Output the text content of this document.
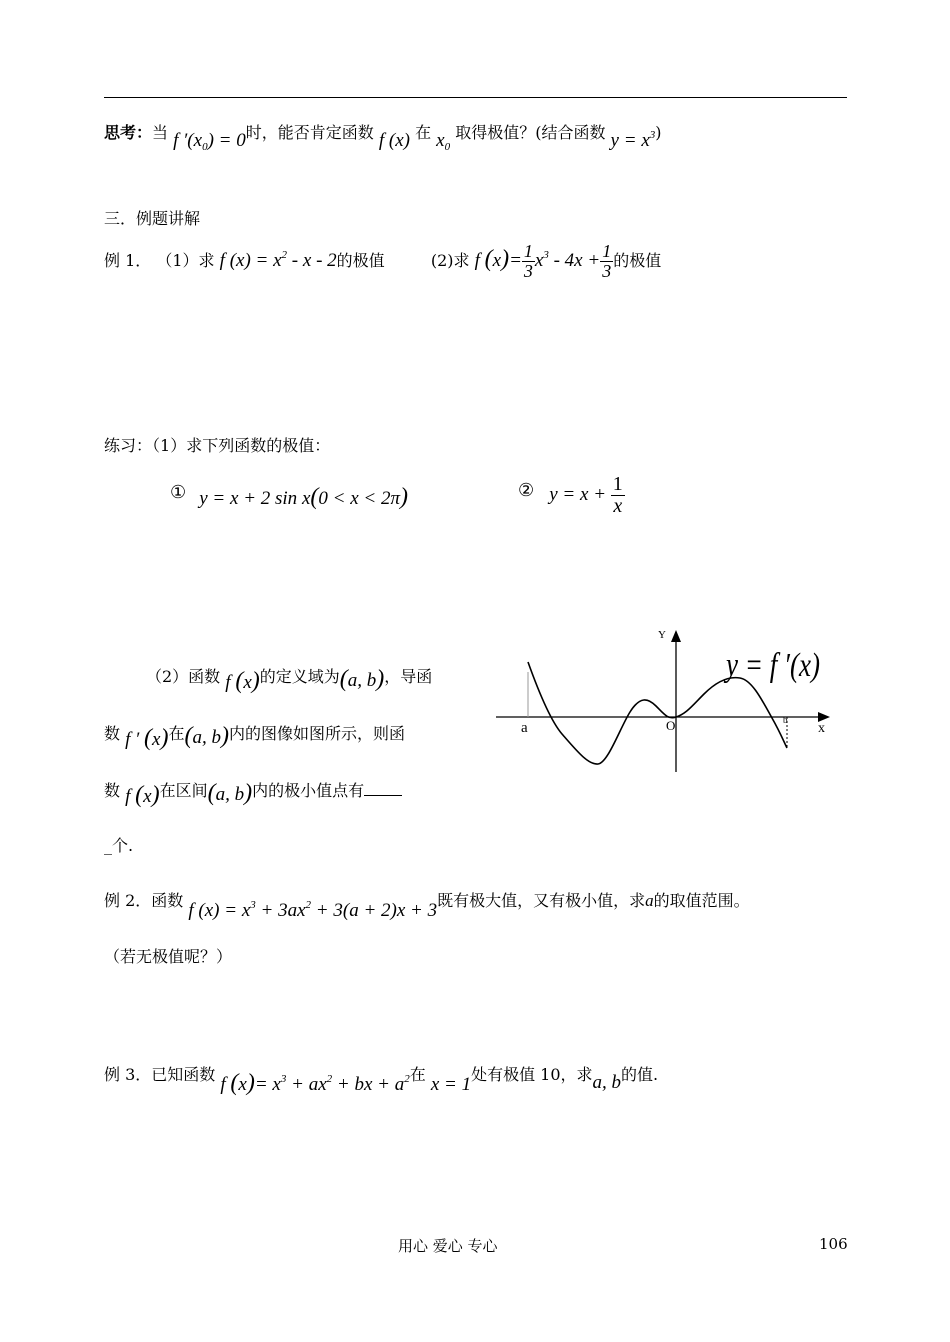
思考：当 f $'(x_0) = 0$时，能否肯定函数 f (x) 在 $x_0$ 取得极值？(结合函数 $y = x^3$)
三．例题讲解
例 1． （1）求 f $(x) = x^2 - x - 2$的极值	(2)求 f $(x)= \frac{1}{3} x^3 - 4x + \frac{1}{3}$ 的极值
练习：（1）求下列函数的极值：
① y = x + 2 sin x(0 < x < 2π)	② $y = x + \frac{1}{x}$
（2）函数 f (x)的定义域为(a, b)，导函
数 f ′ (x)在(a, b)内的图像如图所示，则函
数 f (x)在区间(a, b)内的极小值点有
_个.
Y
x
O
a	b
y = f ′(x)
例 2．函数 f $(x) = x^3 + 3ax^2 + 3(a + 2)x + 3$既有极大值，又有极小值，求a的取值范围。
（若无极值呢？）
例 3．已知函数 f $(x)= x^3 + ax^2$ + bx + $a^2$在 x = 1处有极值 10，求a, b的值.
用心 爱心 专心	106
